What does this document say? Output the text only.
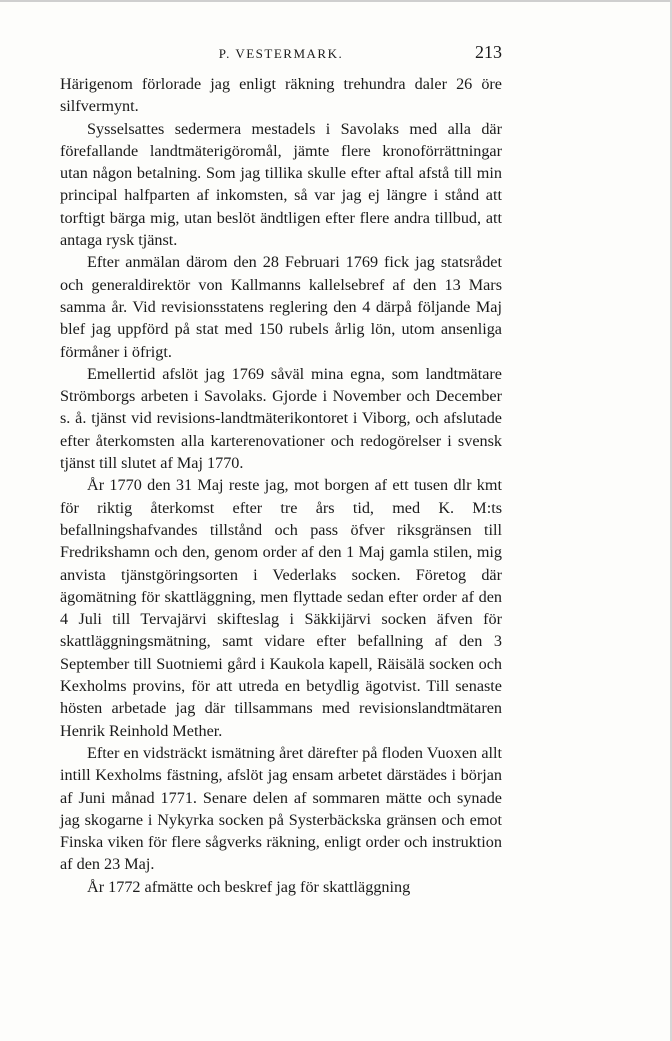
P. VESTERMARK.	213

Härigenom förlorade jag enligt räkning trehundra daler 26 öre silfvermynt.

Sysselsattes sedermera mestadels i Savolaks med alla där förefallande landtmäterigöromål, jämte flere kronoförrättningar utan någon betalning. Som jag tillika skulle efter aftal afstå till min principal halfparten af inkomsten, så var jag ej längre i stånd att torftigt bärga mig, utan beslöt ändtligen efter flere andra tillbud, att antaga rysk tjänst.

Efter anmälan därom den 28 Februari 1769 fick jag statsrådet och generaldirektör von Kallmanns kallelsebref af den 13 Mars samma år. Vid revisionsstatens reglering den 4 därpå följande Maj blef jag uppförd på stat med 150 rubels årlig lön, utom ansenliga förmåner i öfrigt.

Emellertid afslöt jag 1769 såväl mina egna, som landtmätare Strömborgs arbeten i Savolaks. Gjorde i November och December s. å. tjänst vid revisions-landtmäterikontoret i Viborg, och afslutade efter återkomsten alla karterenovationer och redogörelser i svensk tjänst till slutet af Maj 1770.

År 1770 den 31 Maj reste jag, mot borgen af ett tusen dlr kmt för riktig återkomst efter tre års tid, med K. M:ts befallningshafvandes tillstånd och pass öfver riksgränsen till Fredrikshamn och den, genom order af den 1 Maj gamla stilen, mig anvista tjänstgöringsorten i Vederlaks socken. Företog där ägomätning för skattläggning, men flyttade sedan efter order af den 4 Juli till Tervajärvi skifteslag i Säkkijärvi socken äfven för skattläggningsmätning, samt vidare efter befallning af den 3 September till Suotniemi gård i Kaukola kapell, Räisälä socken och Kexholms provins, för att utreda en betydlig ägotvist. Till senaste hösten arbetade jag där tillsammans med revisionslandtmätaren Henrik Reinhold Mether.

Efter en vidsträckt ismätning året därefter på floden Vuoxen allt intill Kexholms fästning, afslöt jag ensam arbetet därstädes i början af Juni månad 1771. Senare delen af sommaren mätte och synade jag skogarne i Nykyrka socken på Systerbäckska gränsen och emot Finska viken för flere sågverks räkning, enligt order och instruktion af den 23 Maj.

År 1772 afmätte och beskref jag för skattläggning
